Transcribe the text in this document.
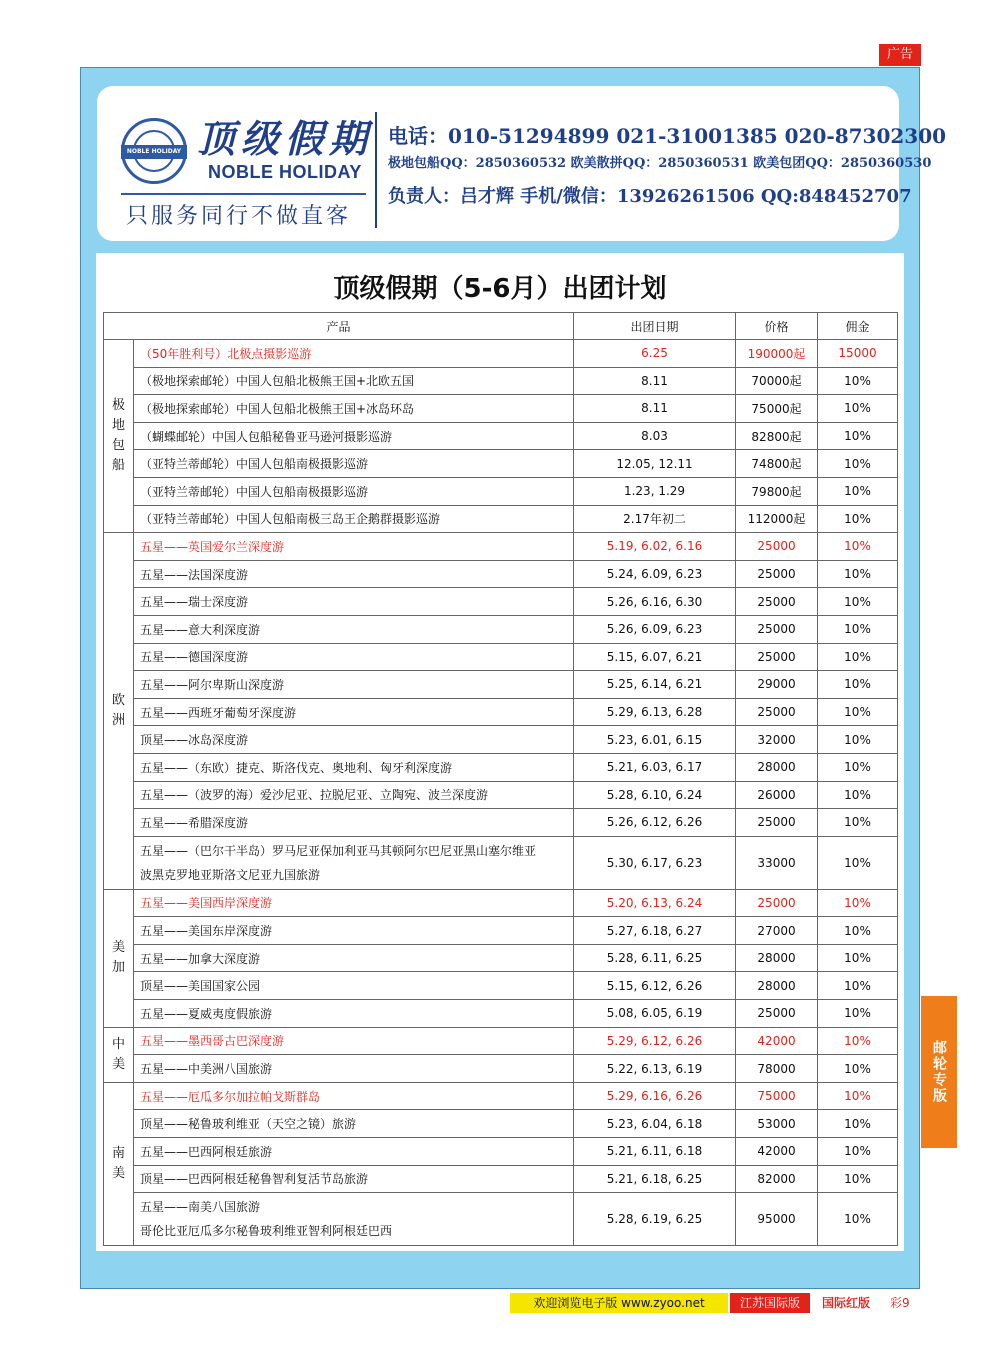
广告
NOBLE HOLIDAY 顶级假期
NOBLE HOLIDAY
只服务同行不做直客
电话：010-51294899 021-31001385 020-87302300
极地包船QQ：2850360532 欧美散拼QQ：2850360531 欧美包团QQ：2850360530
负责人：吕才辉 手机/微信：13926261506 QQ:848452707
顶级假期（5-6月）出团计划
产品		出团日期	价格	佣金
极地包船	（50年胜利号）北极点摄影巡游	6.25	190000起	15000

	（极地探索邮轮）中国人包船北极熊王国+北欧五国	8.11	70000起	10%

	（极地探索邮轮）中国人包船北极熊王国+冰岛环岛	8.11	75000起	10%

	（蝴蝶邮轮）中国人包船秘鲁亚马逊河摄影巡游	8.03	82800起	10%

	（亚特兰蒂邮轮）中国人包船南极摄影巡游	12.05, 12.11	74800起	10%

	（亚特兰蒂邮轮）中国人包船南极摄影巡游	1.23, 1.29	79800起	10%

	（亚特兰蒂邮轮）中国人包船南极三岛王企鹅群摄影巡游	2.17年初二	112000起	10%
欧洲	五星——英国爱尔兰深度游	5.19, 6.02, 6.16	25000	10%

	五星——法国深度游	5.24, 6.09, 6.23	25000	10%

	五星——瑞士深度游	5.26, 6.16, 6.30	25000	10%

	五星——意大利深度游	5.26, 6.09, 6.23	25000	10%

	五星——德国深度游	5.15, 6.07, 6.21	25000	10%

	五星——阿尔卑斯山深度游	5.25, 6.14, 6.21	29000	10%

	五星——西班牙葡萄牙深度游	5.29, 6.13, 6.28	25000	10%

	顶星——冰岛深度游	5.23, 6.01, 6.15	32000	10%

	五星——（东欧）捷克、斯洛伐克、奥地利、匈牙利深度游	5.21, 6.03, 6.17	28000	10%

	五星——（波罗的海）爱沙尼亚、拉脱尼亚、立陶宛、波兰深度游	5.28, 6.10, 6.24	26000	10%

	五星——希腊深度游	5.26, 6.12, 6.26	25000	10%

	五星——（巴尔干半岛）罗马尼亚保加利亚马其顿阿尔巴尼亚黑山塞尔维亚
波黑克罗地亚斯洛文尼亚九国旅游	5.30, 6.17, 6.23	33000	10%
美加	五星——美国西岸深度游	5.20, 6.13, 6.24	25000	10%

	五星——美国东岸深度游	5.27, 6.18, 6.27	27000	10%

	五星——加拿大深度游	5.28, 6.11, 6.25	28000	10%

	顶星——美国国家公园	5.15, 6.12, 6.26	28000	10%

	五星——夏威夷度假旅游	5.08, 6.05, 6.19	25000	10%
中美	五星——墨西哥古巴深度游	5.29, 6.12, 6.26	42000	10%

	五星——中美洲八国旅游	5.22, 6.13, 6.19	78000	10%
南美	五星——厄瓜多尔加拉帕戈斯群岛	5.29, 6.16, 6.26	75000	10%

	顶星——秘鲁玻利维亚（天空之镜）旅游	5.23, 6.04, 6.18	53000	10%

	五星——巴西阿根廷旅游	5.21, 6.11, 6.18	42000	10%

	顶星——巴西阿根廷秘鲁智利复活节岛旅游	5.21, 6.18, 6.25	82000	10%

	五星——南美八国旅游
哥伦比亚厄瓜多尔秘鲁玻利维亚智利阿根廷巴西	5.28, 6.19, 6.25	95000	10%
邮轮专版
欢迎浏览电子版 www.zyoo.net	江苏国际版	国际红版 彩9
